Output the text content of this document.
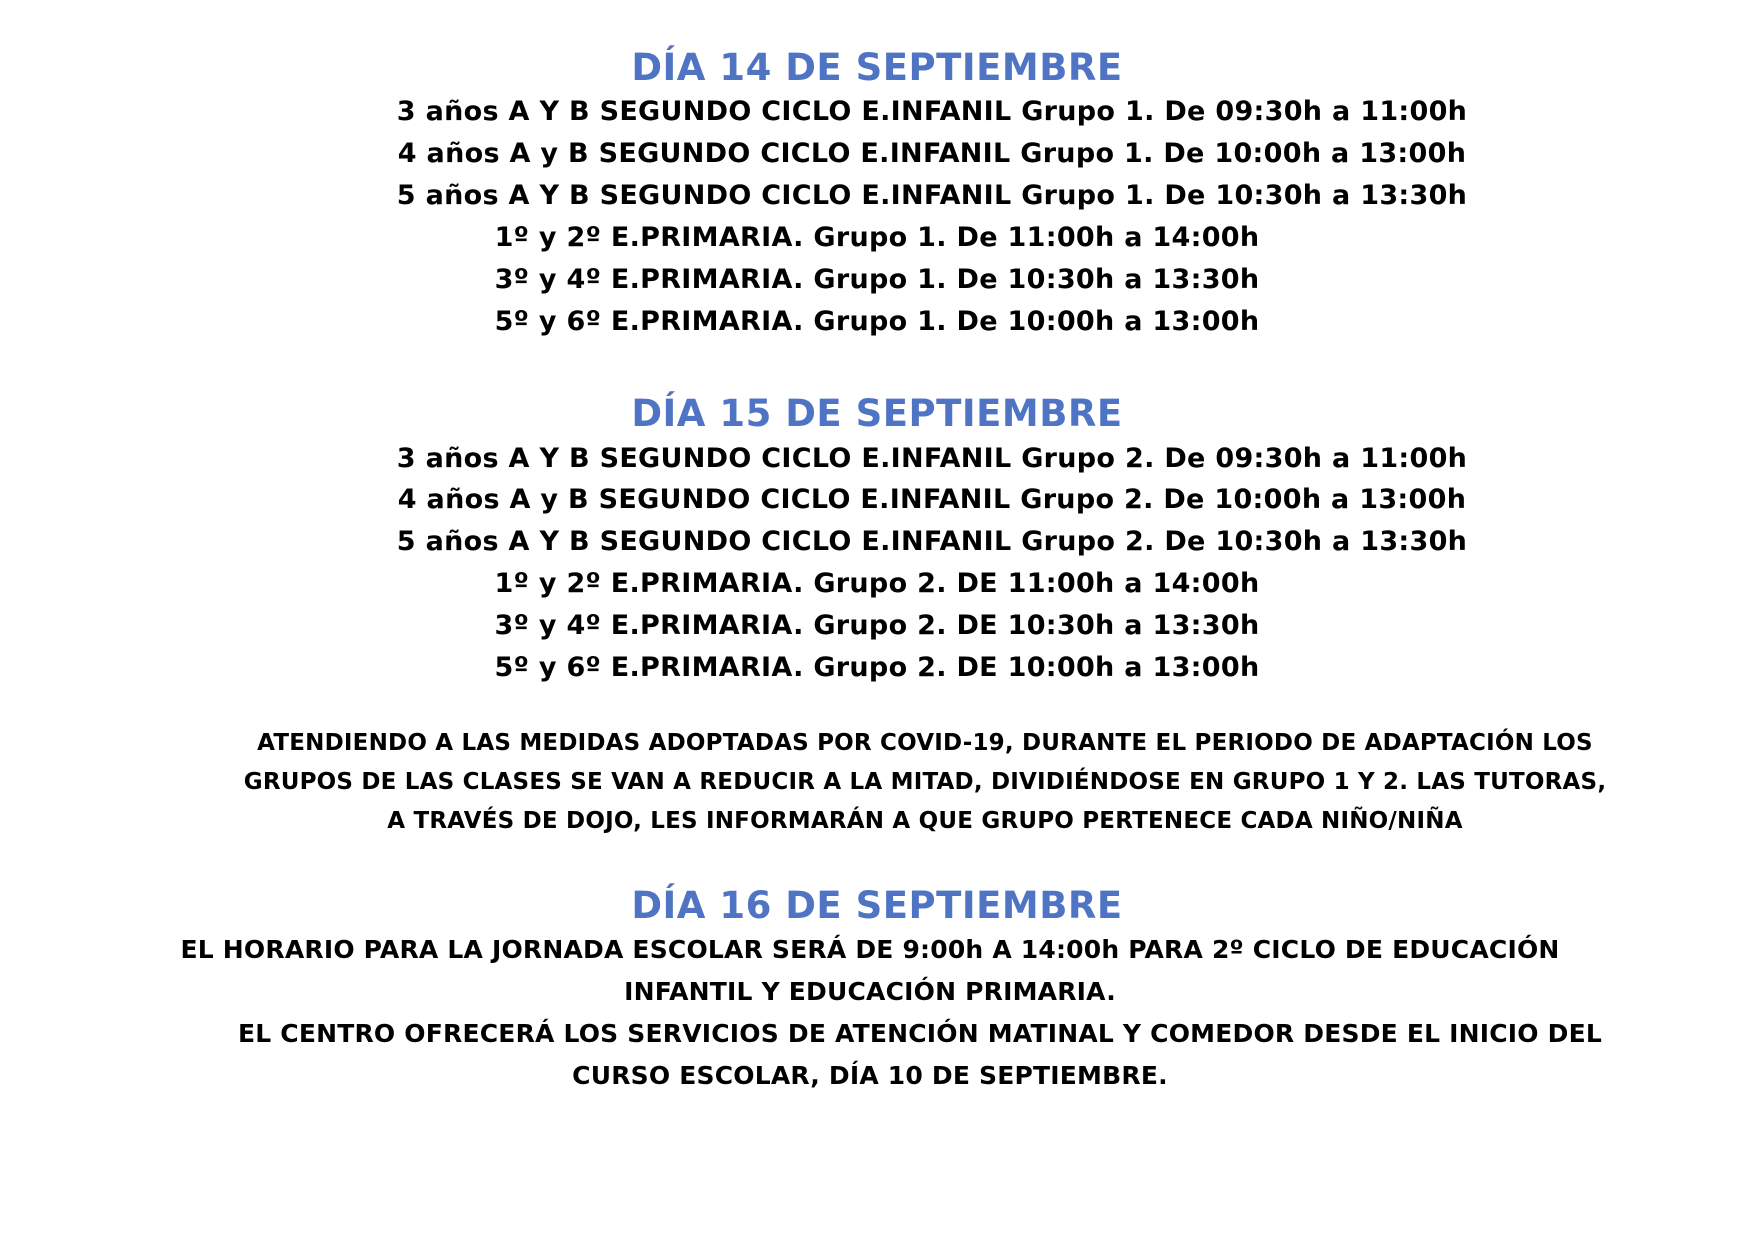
DÍA 14 DE SEPTIEMBRE
3 años A Y B SEGUNDO CICLO E.INFANIL Grupo 1. De 09:30h a 11:00h
4 años A y B SEGUNDO CICLO E.INFANIL Grupo 1. De 10:00h a 13:00h
5 años A Y B SEGUNDO CICLO E.INFANIL Grupo 1. De 10:30h a 13:30h
1º y 2º E.PRIMARIA. Grupo 1. De 11:00h a 14:00h
3º y 4º E.PRIMARIA. Grupo 1. De 10:30h a 13:30h
5º y 6º E.PRIMARIA. Grupo 1. De 10:00h a 13:00h
DÍA 15 DE SEPTIEMBRE
3 años A Y B SEGUNDO CICLO E.INFANIL Grupo 2. De 09:30h a 11:00h
4 años A y B SEGUNDO CICLO E.INFANIL Grupo 2. De 10:00h a 13:00h
5 años A Y B SEGUNDO CICLO E.INFANIL Grupo 2. De 10:30h a 13:30h
1º y 2º E.PRIMARIA. Grupo 2. DE 11:00h a 14:00h
3º y 4º E.PRIMARIA. Grupo 2. DE 10:30h a 13:30h
5º y 6º E.PRIMARIA. Grupo 2. DE 10:00h a 13:00h
ATENDIENDO A LAS MEDIDAS ADOPTADAS POR COVID-19, DURANTE EL PERIODO DE ADAPTACIÓN LOS
GRUPOS DE LAS CLASES SE VAN A REDUCIR A LA MITAD, DIVIDIÉNDOSE EN GRUPO 1 Y 2. LAS TUTORAS,
A TRAVÉS DE DOJO, LES INFORMARÁN A QUE GRUPO PERTENECE CADA NIÑO/NIÑA
DÍA 16 DE SEPTIEMBRE
EL HORARIO PARA LA JORNADA ESCOLAR SERÁ DE 9:00h A 14:00h PARA 2º CICLO DE EDUCACIÓN
INFANTIL Y EDUCACIÓN PRIMARIA.
EL CENTRO OFRECERÁ LOS SERVICIOS DE ATENCIÓN MATINAL Y COMEDOR DESDE EL INICIO DEL
CURSO ESCOLAR, DÍA 10 DE SEPTIEMBRE.
